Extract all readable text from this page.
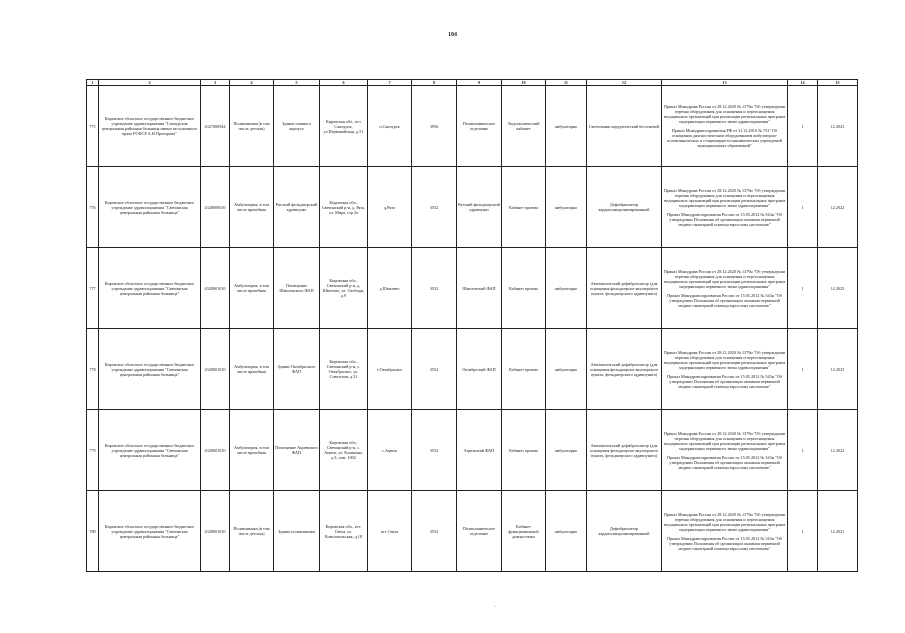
104
1	2	3	4	5	6	7	8	9	10	11	12	13	14	15
775	Кировское областное государственное бюджетное учреждение здравоохранения "Санчурская центральная районная больница имени заслуженного врача РСФСР А.Н.Прохорова"	4327000944	Поликлиника (в том числе детская)	Здание главного корпуса	Кировская обл., пгт Санчурск, ул.Первомайская, д.51	п.Санчурск	3956	Поликлиническое отделение	Эндоскопический кабинет	амбулаторно	Светильник хирургический бестеневой	Приказ Минздрава России от 28.12.2020 № 1379н "Об утверждении перечня оборудования для оснащения и переоснащения медицинских организаций при реализации региональных программ модернизации первичного звена здравоохранения"
Приказ Минздравсоцразвития РФ от 31.12.2010 № 753 "Об оснащении диагностическим оборудованием амбулаторно-поликлинических и стационарно-поликлинических учреждений муниципальных образований"	1	12.2023
776	Кировское областное государственное бюджетное учреждение здравоохранения "Свечинская центральная районная больница"	4328000010	Амбулатория, в том числе врачебная	Рятский фельдшерский здравпункт	Кировская обл., Свечинский р-н, д. Рята, ул. Мира, стр.3а	д.Рята	3552	Рятский фельдшерский здравпункт	Кабинет приема	амбулаторно	Дефибриллятор кардиосинхронизированный	Приказ Минздрава России от 28.12.2020 № 1379н "Об утверждении перечня оборудования для оснащения и переоснащения медицинских организаций при реализации региональных программ модернизации первичного звена здравоохранения"
Приказ Минздравсоцразвития России от 15.05.2012 № 543н "Об утверждении Положения об организации оказания первичной медико-санитарной помощи взрослому населению"	1	12.2022
777	Кировское областное государственное бюджетное учреждение здравоохранения "Свечинская центральная районная больница"	4328001010	Амбулатория, в том числе врачебная	Помещение Шмелевского ФАП	Кировская обл., Свечинский р-н, д. Шмелево, ул. Свободы, д.9	д.Шмелево	3552	Шмелевский ФАП	Кабинет приема	амбулаторно	Автоматический дефибриллятор (для оснащения фельдшерско-акушерского пункта, фельдшерского здравпункта)	Приказ Минздрава России от 28.12.2020 № 1379н "Об утверждении перечня оборудования для оснащения и переоснащения медицинских организаций при реализации региональных программ модернизации первичного звена здравоохранения"
Приказ Минздравсоцразвития России от 15.05.2012 № 543н "Об утверждении Положения об организации оказания первичной медико-санитарной помощи взрослому населению"	1	12.2025
778	Кировское областное государственное бюджетное учреждение здравоохранения "Свечинская центральная районная больница"	4328001010	Амбулатория, в том числе врачебная	Здание Октябрьского ФАП	Кировская обл., Свечинский р-н, с. Октябрьское, ул. Советская, д.31	с.Октябрьское	3552	Октябрьский ФАП	Кабинет приема	амбулаторно	Автоматический дефибриллятор (для оснащения фельдшерско-акушерского пункта, фельдшерского здравпункта)	Приказ Минздрава России от 28.12.2020 № 1379н "Об утверждении перечня оборудования для оснащения и переоснащения медицинских организаций при реализации региональных программ модернизации первичного звена здравоохранения"
Приказ Минздравсоцразвития России от 15.05.2012 № 543н "Об утверждении Положения об организации оказания первичной медико-санитарной помощи взрослому населению"	1	12.2025
779	Кировское областное государственное бюджетное учреждение здравоохранения "Свечинская центральная районная больница"	4328001010	Амбулатория, в том числе врачебная	Помещение Ациевского ФАП	Кировская обл., Свечинский р-н, с. Ацвеж, ул. Калинина, д.5, пом. 1002	с.Ацвеж	3552	Ацвежский ФАП	Кабинет приема	амбулаторно	Автоматический дефибриллятор (для оснащения фельдшерско-акушерского пункта, фельдшерского здравпункта)	Приказ Минздрава России от 28.12.2020 № 1379н "Об утверждении перечня оборудования для оснащения и переоснащения медицинских организаций при реализации региональных программ модернизации первичного звена здравоохранения"
Приказ Минздравсоцразвития России от 15.05.2012 № 543н "Об утверждении Положения об организации оказания первичной медико-санитарной помощи взрослому населению"	1	12.2022
780	Кировское областное государственное бюджетное учреждение здравоохранения "Свечинская центральная районная больница"	4328001010	Поликлиника (в том числе детская)	Здание поликлиники	Кировская обл., пгт. Свеча, ул. Комсомольская, д.18	пгт Свеча	3552	Поликлиническое отделение	Кабинет функциональной диагностики	амбулаторно	Дефибриллятор кардиосинхронизированный	Приказ Минздрава России от 28.12.2020 № 1379н "Об утверждении перечня оборудования для оснащения и переоснащения медицинских организаций при реализации региональных программ модернизации первичного звена здравоохранения"
Приказ Минздравсоцразвития России от 15.05.2012 № 543н "Об утверждении Положения об организации оказания первичной медико-санитарной помощи взрослому населению"	1	12.2021
·
